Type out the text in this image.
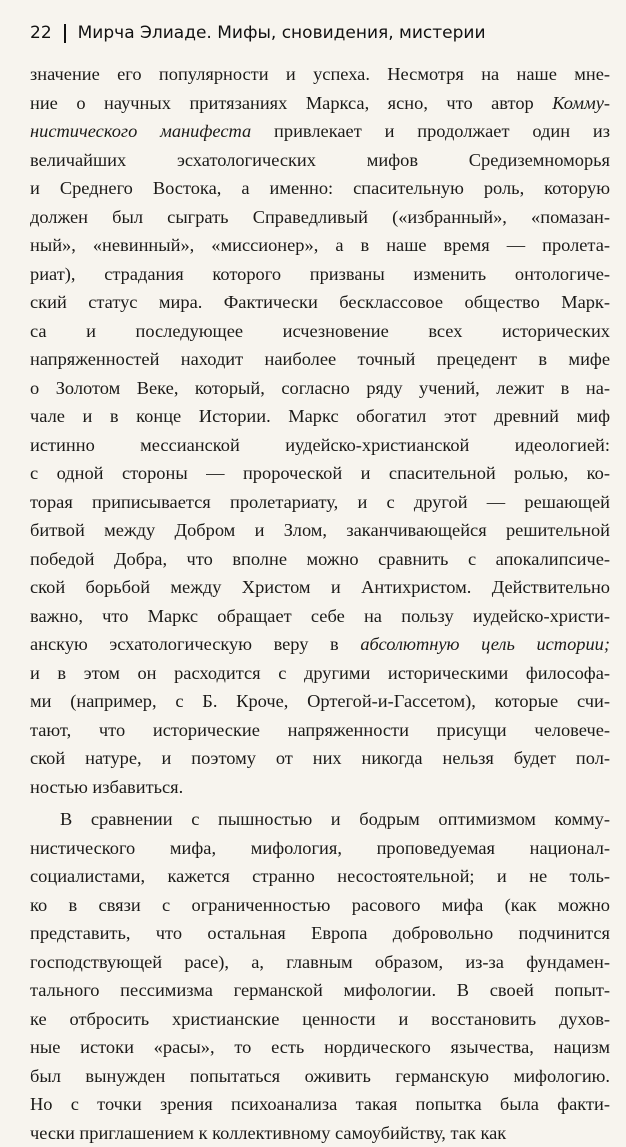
22 Мирча Элиаде. Мифы, сновидения, мистерии
значение его популярности и успеха. Несмотря на наше мне-
ние о научных притязаниях Маркса, ясно, что автор Комму-
нистического манифеста привлекает и продолжает один из
величайших эсхатологических мифов Средиземноморья
и Среднего Востока, а именно: спасительную роль, которую
должен был сыграть Справедливый («избранный», «помазан-
ный», «невинный», «миссионер», а в наше время — пролета-
риат), страдания которого призваны изменить онтологиче-
ский статус мира. Фактически бесклассовое общество Марк-
са и последующее исчезновение всех исторических
напряженностей находит наиболее точный прецедент в мифе
о Золотом Веке, который, согласно ряду учений, лежит в на-
чале и в конце Истории. Маркс обогатил этот древний миф
истинно мессианской иудейско-христианской идеологией:
с одной стороны — пророческой и спасительной ролью, ко-
торая приписывается пролетариату, и с другой — решающей
битвой между Добром и Злом, заканчивающейся решительной
победой Добра, что вполне можно сравнить с апокалипсиче-
ской борьбой между Христом и Антихристом. Действительно
важно, что Маркс обращает себе на пользу иудейско-христи-
анскую эсхатологическую веру в абсолютную цель истории;
и в этом он расходится с другими историческими философа-
ми (например, с Б. Кроче, Ортегой-и-Гассетом), которые счи-
тают, что исторические напряженности присущи человече-
ской натуре, и поэтому от них никогда нельзя будет пол-
ностью избавиться.
В сравнении с пышностью и бодрым оптимизмом комму-
нистического мифа, мифология, проповедуемая национал-
социалистами, кажется странно несостоятельной; и не толь-
ко в связи с ограниченностью расового мифа (как можно
представить, что остальная Европа добровольно подчинится
господствующей расе), а, главным образом, из-за фундамен-
тального пессимизма германской мифологии. В своей попыт-
ке отбросить христианские ценности и восстановить духов-
ные истоки «расы», то есть нордического язычества, нацизм
был вынужден попытаться оживить германскую мифологию.
Но с точки зрения психоанализа такая попытка была факти-
чески приглашением к коллективному самоубийству, так как
